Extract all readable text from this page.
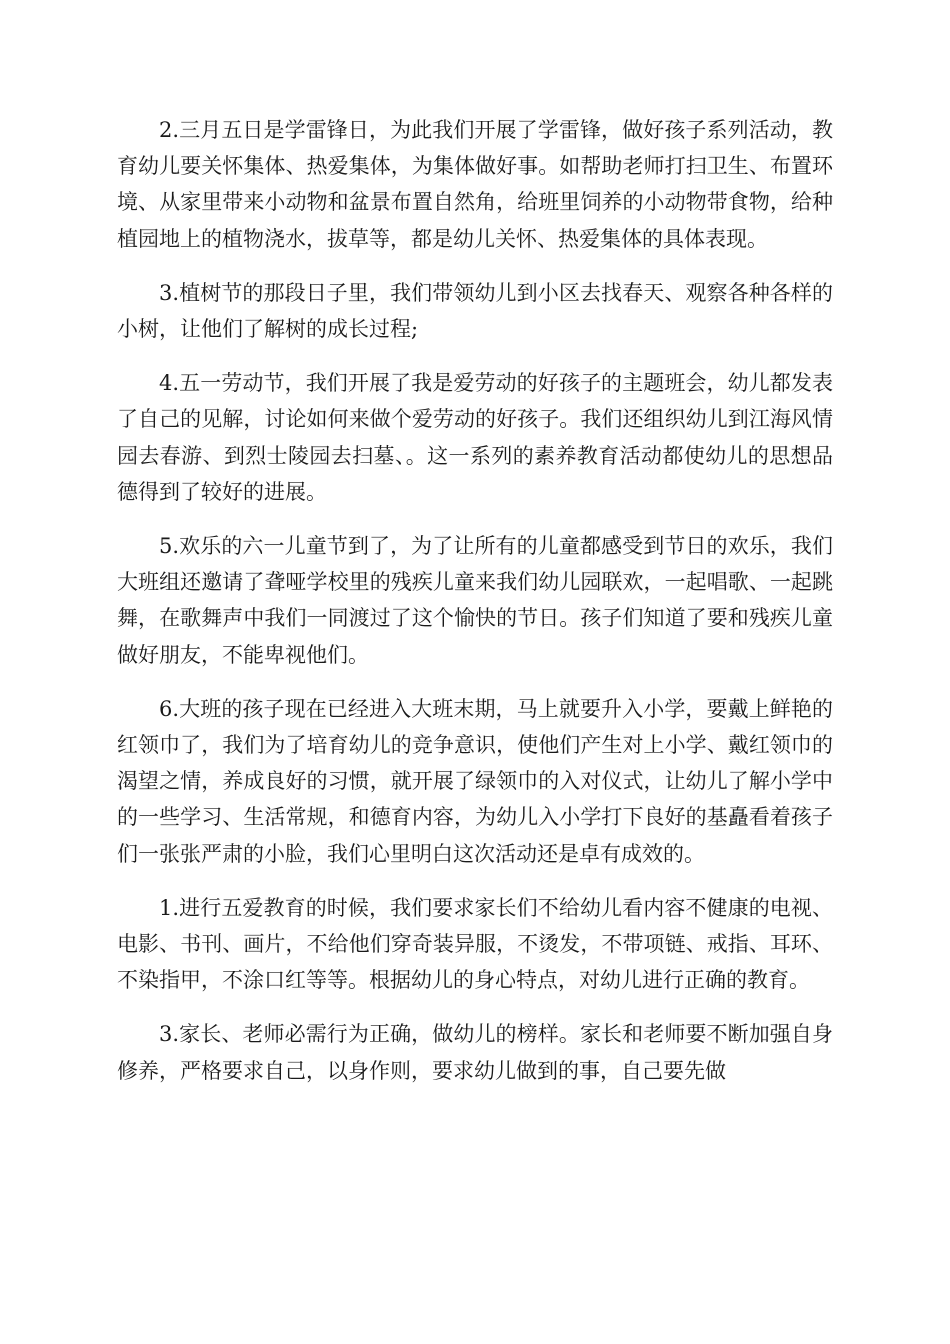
2.三月五日是学雷锋日，为此我们开展了学雷锋，做好孩子系列活动，教育幼儿要关怀集体、热爱集体，为集体做好事。如帮助老师打扫卫生、布置环境、从家里带来小动物和盆景布置自然角，给班里饲养的小动物带食物，给种植园地上的植物浇水，拔草等，都是幼儿关怀、热爱集体的具体表现。

3.植树节的那段日子里，我们带领幼儿到小区去找春天、观察各种各样的小树，让他们了解树的成长过程;

4.五一劳动节，我们开展了我是爱劳动的好孩子的主题班会，幼儿都发表了自己的见解，讨论如何来做个爱劳动的好孩子。我们还组织幼儿到江海风情园去春游、到烈士陵园去扫墓、。这一系列的素养教育活动都使幼儿的思想品德得到了较好的进展。

5.欢乐的六一儿童节到了，为了让所有的儿童都感受到节日的欢乐，我们大班组还邀请了聋哑学校里的残疾儿童来我们幼儿园联欢，一起唱歌、一起跳舞，在歌舞声中我们一同渡过了这个愉快的节日。孩子们知道了要和残疾儿童做好朋友，不能卑视他们。

6.大班的孩子现在已经进入大班末期，马上就要升入小学，要戴上鲜艳的红领巾了，我们为了培育幼儿的竞争意识，使他们产生对上小学、戴红领巾的渴望之情，养成良好的习惯，就开展了绿领巾的入对仪式，让幼儿了解小学中的一些学习、生活常规，和德育内容，为幼儿入小学打下良好的基矗看着孩子们一张张严肃的小脸，我们心里明白这次活动还是卓有成效的。

1.进行五爱教育的时候，我们要求家长们不给幼儿看内容不健康的电视、电影、书刊、画片，不给他们穿奇装异服，不烫发，不带项链、戒指、耳环、不染指甲，不涂口红等等。根据幼儿的身心特点，对幼儿进行正确的教育。

3.家长、老师必需行为正确，做幼儿的榜样。家长和老师要不断加强自身修养，严格要求自己，以身作则，要求幼儿做到的事，自己要先做
